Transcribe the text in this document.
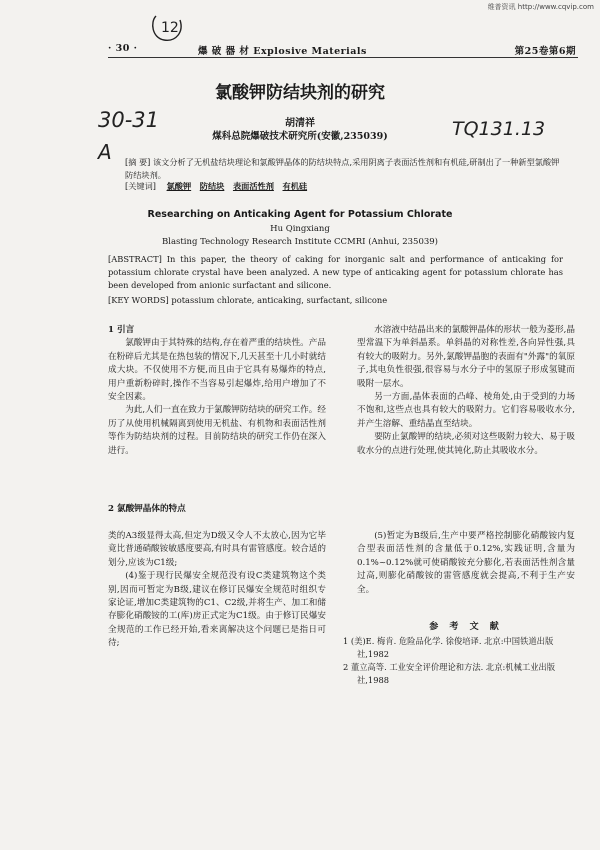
维普资讯 http://www.cqvip.com
12
30-31
A
TQ131.13
· 30 ·	爆 破 器 材 Explosive Materials	第25卷第6期
氯酸钾防结块剂的研究
胡清祥
煤科总院爆破技术研究所(安徽,235039)
[摘 要] 该文分析了无机盐结块理论和氯酸钾晶体的防结块特点,采用阴离子表面活性剂和有机硅,研制出了一种新型氯酸钾防结块剂。
[关键词] 氯酸钾 防结块 表面活性剂 有机硅
Researching on Anticaking Agent for Potassium Chlorate
Hu Qingxiang
Blasting Technology Research Institute CCMRI (Anhui, 235039)
[ABSTRACT] In this paper, the theory of caking for inorganic salt and performance of anticaking for potassium chlorate crystal have been analyzed. A new type of anticaking agent for potassium chlorate has been developed from anionic surfactant and silicone.
[KEY WORDS] potassium chlorate, anticaking, surfactant, silicone

1 引言

氯酸钾由于其特殊的结构,存在着严重的结块性。产品在粉碎后尤其是在热包装的情况下,几天甚至十几小时就结成大块。不仅使用不方便,而且由于它具有易爆炸的特点,用户重新粉碎时,操作不当容易引起爆炸,给用户增加了不安全因素。

为此,人们一直在致力于氯酸钾防结块的研究工作。经历了从使用机械隔离到使用无机盐、有机物和表面活性剂等作为防结块剂的过程。目前防结块的研究工作仍在深入进行。

2 氯酸钾晶体的特点

水溶液中结晶出来的氯酸钾晶体的形状一般为菱形,晶型常温下为单斜晶系。单斜晶的对称性差,各向异性强,具有较大的吸附力。另外,氯酸钾晶胞的表面有"外露"的氧原子,其电负性很强,很容易与水分子中的氢原子形成氢键而吸附一层水。

另一方面,晶体表面的凸峰、棱角处,由于受到的力场不饱和,这些点也具有较大的吸附力。它们容易吸收水分,并产生溶解、重结晶直至结块。

要防止氯酸钾的结块,必须对这些吸附力较大、易于吸收水分的点进行处理,使其钝化,防止其吸收水分。

类的A3级显得太高,但定为D级又令人不太放心,因为它毕竟比普通硝酸铵敏感度要高,有时具有雷管感度。较合适的划分,应该为C1级;

(4)鉴于现行民爆安全规范没有设C类建筑物这个类别,因而可暂定为B级,建议在修订民爆安全规范时组织专家论证,增加C类建筑物的C1、C2级,并将生产、加工和储存膨化硝酸铵的工(库)房正式定为C1级。由于修订民爆安全规范的工作已经开始,看来离解决这个问题已是指日可待;

(5)暂定为B级后,生产中要严格控制膨化硝酸铵内复合型表面活性剂的含量低于0.12%,实践证明,含量为0.1%~0.12%就可使硝酸铵充分膨化,若表面活性剂含量过高,则膨化硝酸铵的雷管感度就会提高,不利于生产安全。

参 考 文 献
1 (美)E. 梅肯. 危险品化学. 徐俊培译. 北京:中国铁道出版社,1982
2 董立高等. 工业安全评价理论和方法. 北京:机械工业出版社,1988
